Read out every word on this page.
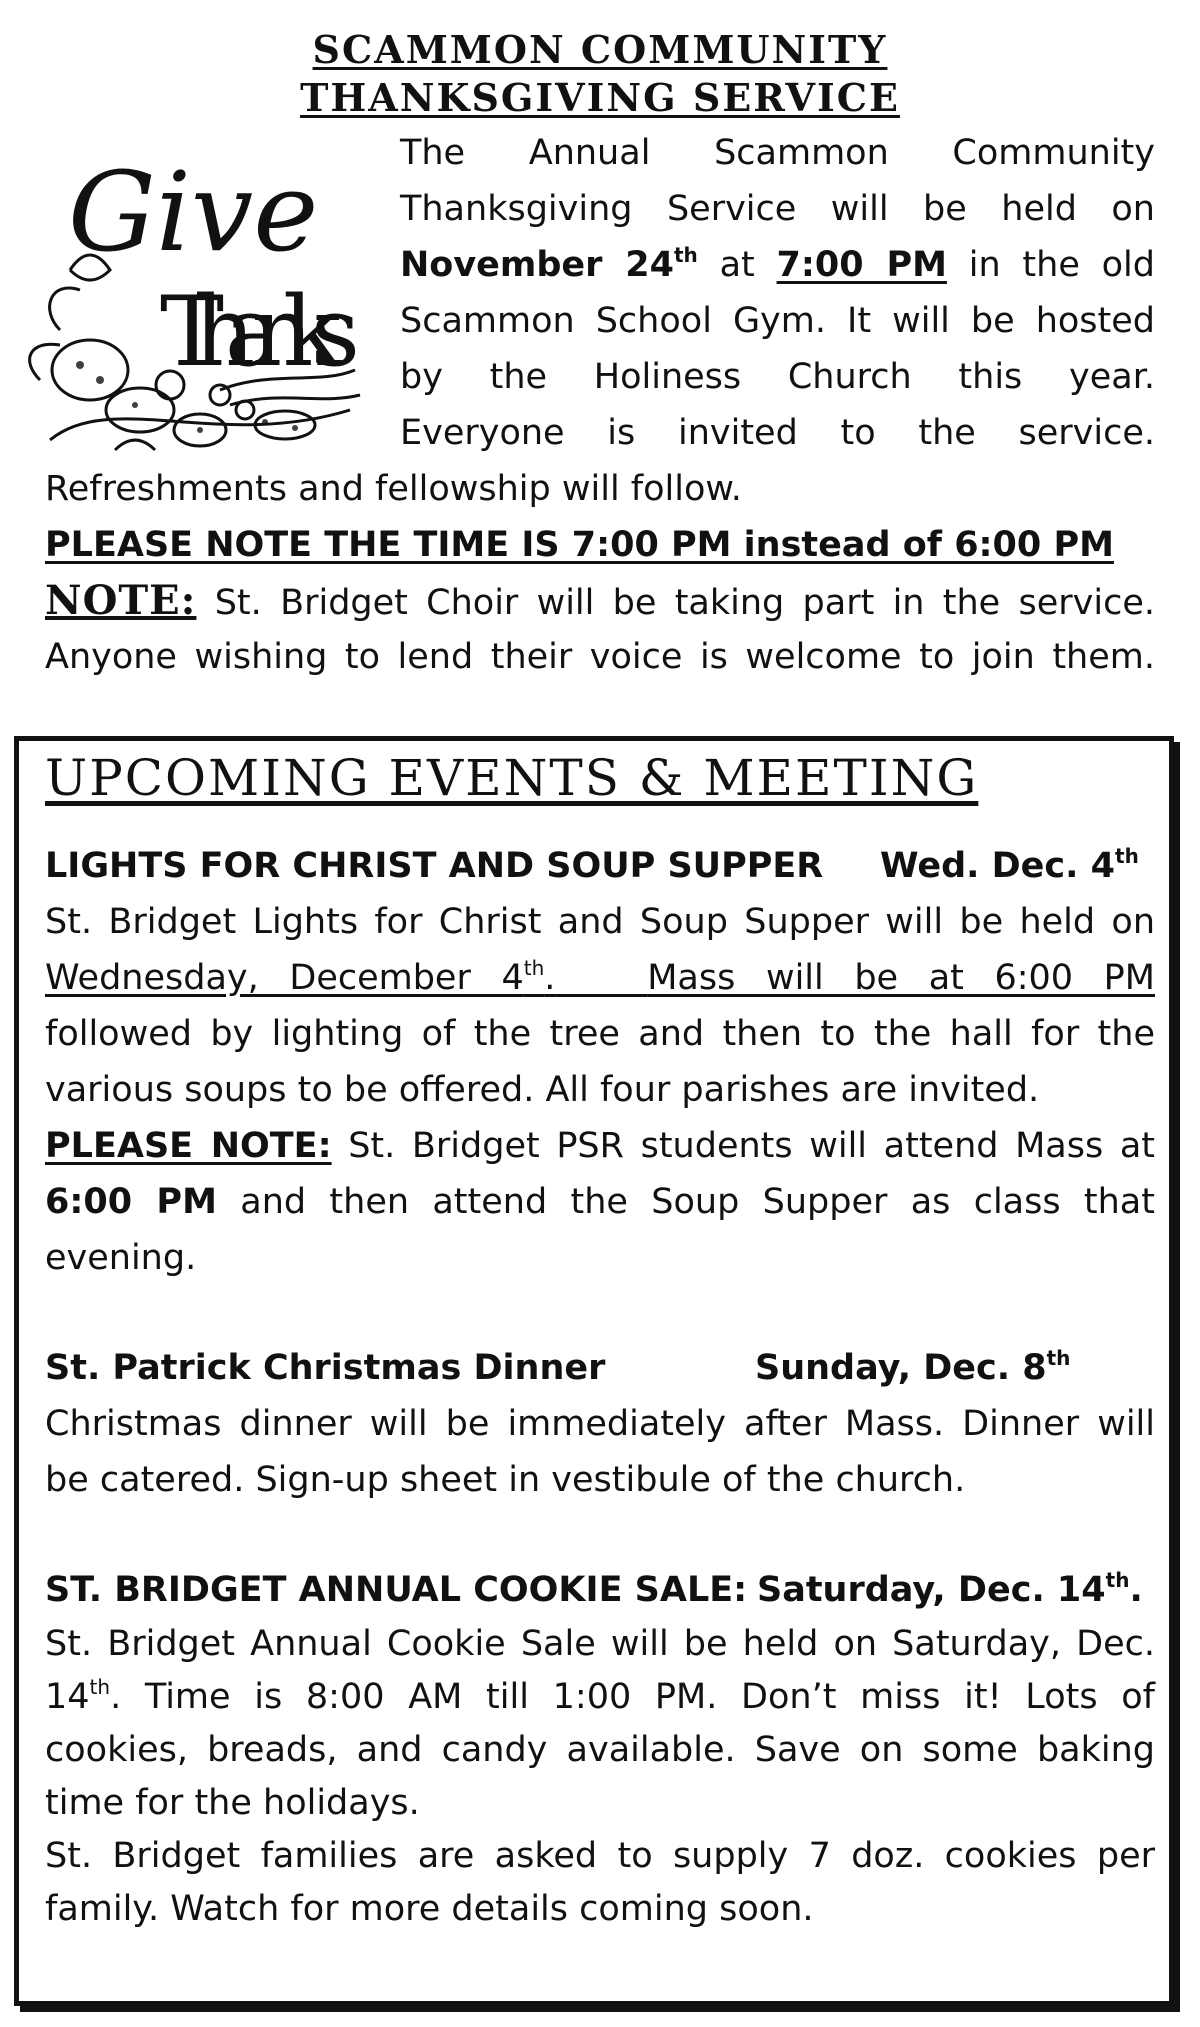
SCAMMON COMMUNITY
THANKSGIVING SERVICE
Give
Thanks
The Annual Scammon Community
Thanksgiving Service will be held on
November 24th at 7:00 PM in the old
Scammon School Gym. It will be hosted
by the Holiness Church this year.
Everyone is invited to the service.
Refreshments and fellowship will follow.
PLEASE NOTE THE TIME IS 7:00 PM instead of 6:00 PM
NOTE: St. Bridget Choir will be taking part in the service.
Anyone wishing to lend their voice is welcome to join them.
UPCOMING EVENTS & MEETING
LIGHTS FOR CHRIST AND SOUP SUPPER Wed. Dec. 4th
St. Bridget Lights for Christ and Soup Supper will be held on
Wednesday, December 4th.	Mass will be at 6:00 PM
followed by lighting of the tree and then to the hall for the
various soups to be offered. All four parishes are invited.
PLEASE NOTE: St. Bridget PSR students will attend Mass at
6:00 PM and then attend the Soup Supper as class that
evening.
St. Patrick Christmas Dinner	Sunday, Dec. 8th
Christmas dinner will be immediately after Mass. Dinner will
be catered. Sign-up sheet in vestibule of the church.
ST. BRIDGET ANNUAL COOKIE SALE: Saturday, Dec. 14th.
St. Bridget Annual Cookie Sale will be held on Saturday, Dec.
14th. Time is 8:00 AM till 1:00 PM. Don’t miss it! Lots of
cookies, breads, and candy available. Save on some baking
time for the holidays.
St. Bridget families are asked to supply 7 doz. cookies per
family. Watch for more details coming soon.
